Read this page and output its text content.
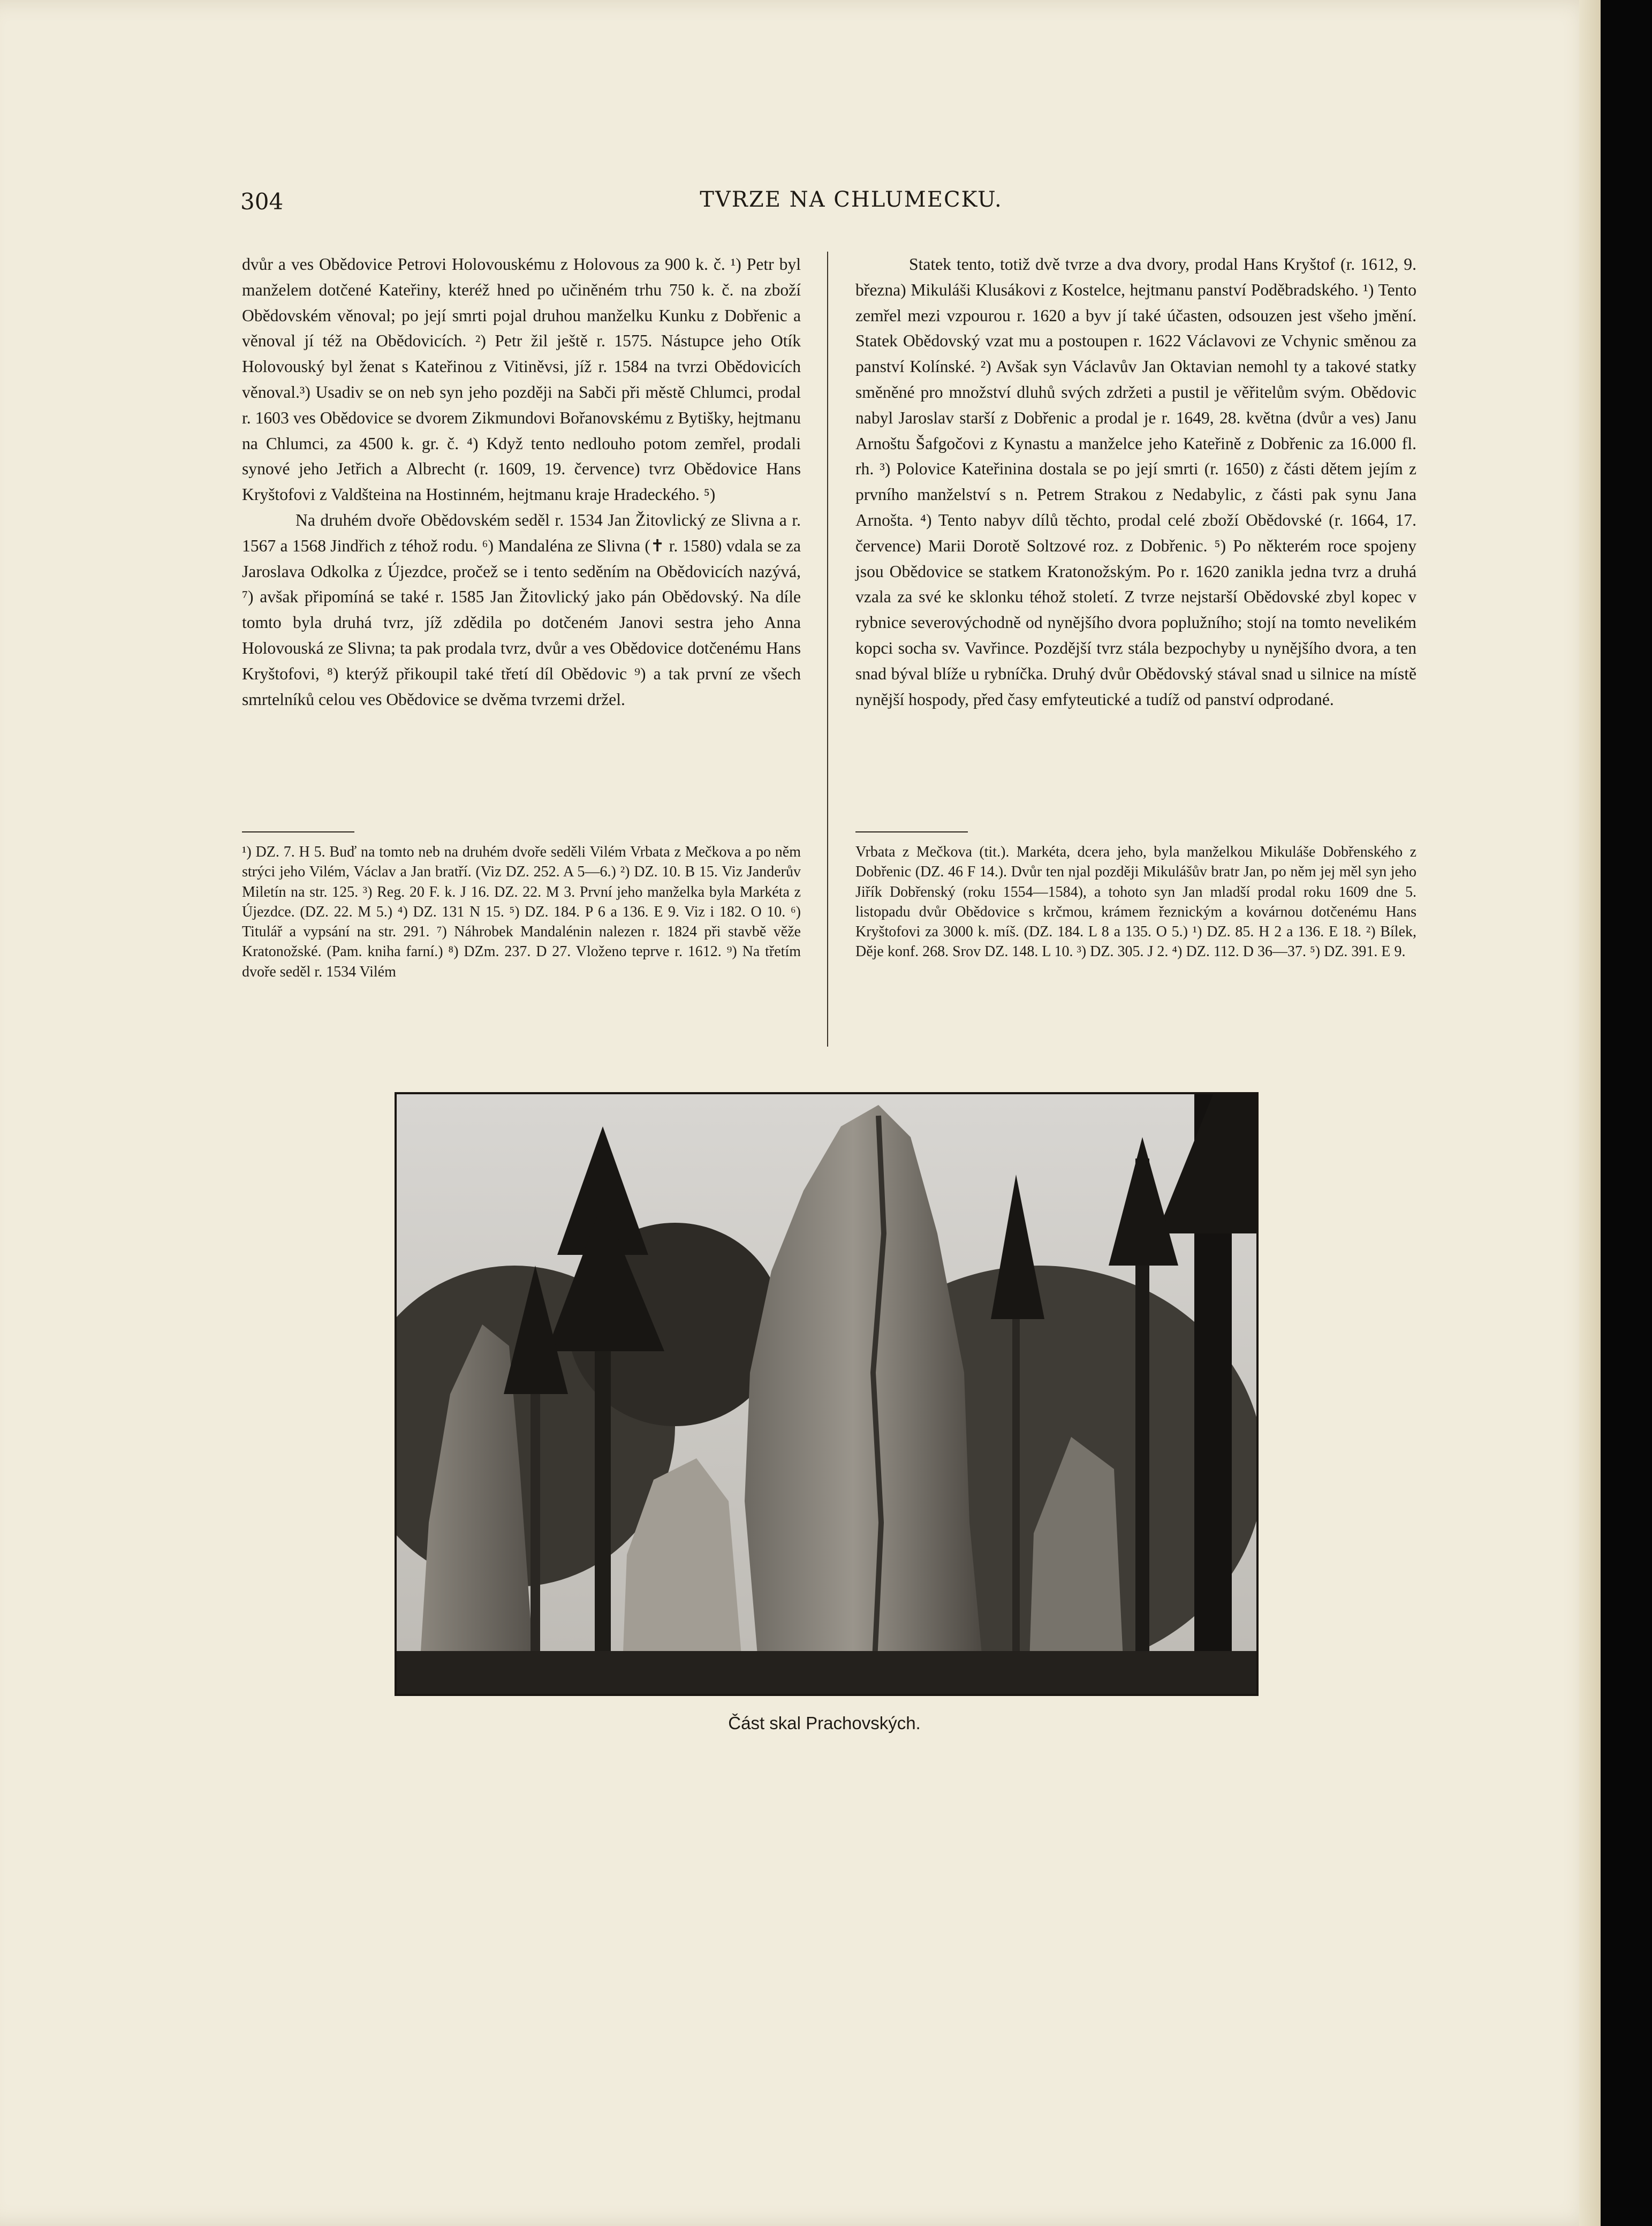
304	TVRZE NA CHLUMECKU.

dvůr a ves Obědovice Petrovi Holovouskému z Holovous za 900 k. č. ¹) Petr byl manželem dotčené Kateřiny, kteréž hned po učiněném trhu 750 k. č. na zboží Obědovském věnoval; po její smrti pojal druhou manželku Kunku z Dobřenic a věnoval jí též na Obědovicích. ²) Petr žil ještě r. 1575. Nástupce jeho Otík Holovouský byl ženat s Kateřinou z Vitiněvsi, jíž r. 1584 na tvrzi Obědovicích věnoval.³) Usadiv se on neb syn jeho později na Sabči při městě Chlumci, prodal r. 1603 ves Obědovice se dvorem Zikmundovi Bořanovskému z Bytišky, hejtmanu na Chlumci, za 4500 k. gr. č. ⁴) Když tento nedlouho potom zemřel, prodali synové jeho Jetřich a Albrecht (r. 1609, 19. července) tvrz Obědovice Hans Kryštofovi z Valdšteina na Hostinném, hejtmanu kraje Hradeckého. ⁵)

Na druhém dvoře Obědovském seděl r. 1534 Jan Žitovlický ze Slivna a r. 1567 a 1568 Jindřich z téhož rodu. ⁶) Mandaléna ze Slivna (✝ r. 1580) vdala se za Jaroslava Odkolka z Újezdce, pročež se i tento seděním na Obědovicích nazývá, ⁷) avšak připomíná se také r. 1585 Jan Žitovlický jako pán Obědovský. Na díle tomto byla druhá tvrz, jíž zdědila po dotčeném Janovi sestra jeho Anna Holovouská ze Slivna; ta pak prodala tvrz, dvůr a ves Obědovice dotčenému Hans Kryštofovi, ⁸) kterýž přikoupil také třetí díl Obědovic ⁹) a tak první ze všech smrtelníků celou ves Obědovice se dvěma tvrzemi držel.

Statek tento, totiž dvě tvrze a dva dvory, prodal Hans Kryštof (r. 1612, 9. března) Mikuláši Klusákovi z Kostelce, hejtmanu panství Poděbradského. ¹) Tento zemřel mezi vzpourou r. 1620 a byv jí také účasten, odsouzen jest všeho jmění. Statek Obědovský vzat mu a postoupen r. 1622 Václavovi ze Vchynic směnou za panství Kolínské. ²) Avšak syn Václavův Jan Oktavian nemohl ty a takové statky směněné pro množství dluhů svých zdržeti a pustil je věřitelům svým. Obědovic nabyl Jaroslav starší z Dobřenic a prodal je r. 1649, 28. května (dvůr a ves) Janu Arnoštu Šafgočovi z Kynastu a manželce jeho Kateřině z Dobřenic za 16.000 fl. rh. ³) Polovice Kateřinina dostala se po její smrti (r. 1650) z části dětem jejím z prvního manželství s n. Petrem Strakou z Nedabylic, z části pak synu Jana Arnošta. ⁴) Tento nabyv dílů těchto, prodal celé zboží Obědovské (r. 1664, 17. července) Marii Dorotě Soltzové roz. z Dobřenic. ⁵) Po některém roce spojeny jsou Obědovice se statkem Kratonožským. Po r. 1620 zanikla jedna tvrz a druhá vzala za své ke sklonku téhož století. Z tvrze nejstarší Obědovské zbyl kopec v rybnice severovýchodně od nynějšího dvora poplužního; stojí na tomto nevelikém kopci socha sv. Vavřince. Pozdější tvrz stála bezpochyby u nynějšího dvora, a ten snad býval blíže u rybníčka. Druhý dvůr Obědovský stával snad u silnice na místě nynější hospody, před časy emfyteutické a tudíž od panství odprodané.

¹) DZ. 7. H 5. Buď na tomto neb na druhém dvoře seděli Vilém Vrbata z Mečkova a po něm strýci jeho Vilém, Václav a Jan bratří. (Viz DZ. 252. A 5—6.) ²) DZ. 10. B 15. Viz Janderův Miletín na str. 125. ³) Reg. 20 F. k. J 16. DZ. 22. M 3. První jeho manželka byla Markéta z Újezdce. (DZ. 22. M 5.) ⁴) DZ. 131 N 15. ⁵) DZ. 184. P 6 a 136. E 9. Viz i 182. O 10. ⁶) Titulář a vypsání na str. 291. ⁷) Náhrobek Mandalénin nalezen r. 1824 při stavbě věže Kratonožské. (Pam. kniha farní.) ⁸) DZm. 237. D 27. Vloženo teprve r. 1612. ⁹) Na třetím dvoře seděl r. 1534 Vilém

Vrbata z Mečkova (tit.). Markéta, dcera jeho, byla manželkou Mikuláše Dobřenského z Dobřenic (DZ. 46 F 14.). Dvůr ten njal později Mikulášův bratr Jan, po něm jej měl syn jeho Jiřík Dobřenský (roku 1554—1584), a tohoto syn Jan mladší prodal roku 1609 dne 5. listopadu dvůr Obědovice s krčmou, krámem řeznickým a kovárnou dotčenému Hans Kryštofovi za 3000 k. míš. (DZ. 184. L 8 a 135. O 5.) ¹) DZ. 85. H 2 a 136. E 18. ²) Bílek, Děje konf. 268. Srov DZ. 148. L 10. ³) DZ. 305. J 2. ⁴) DZ. 112. D 36—37. ⁵) DZ. 391. E 9.

Část skal Prachovských.
